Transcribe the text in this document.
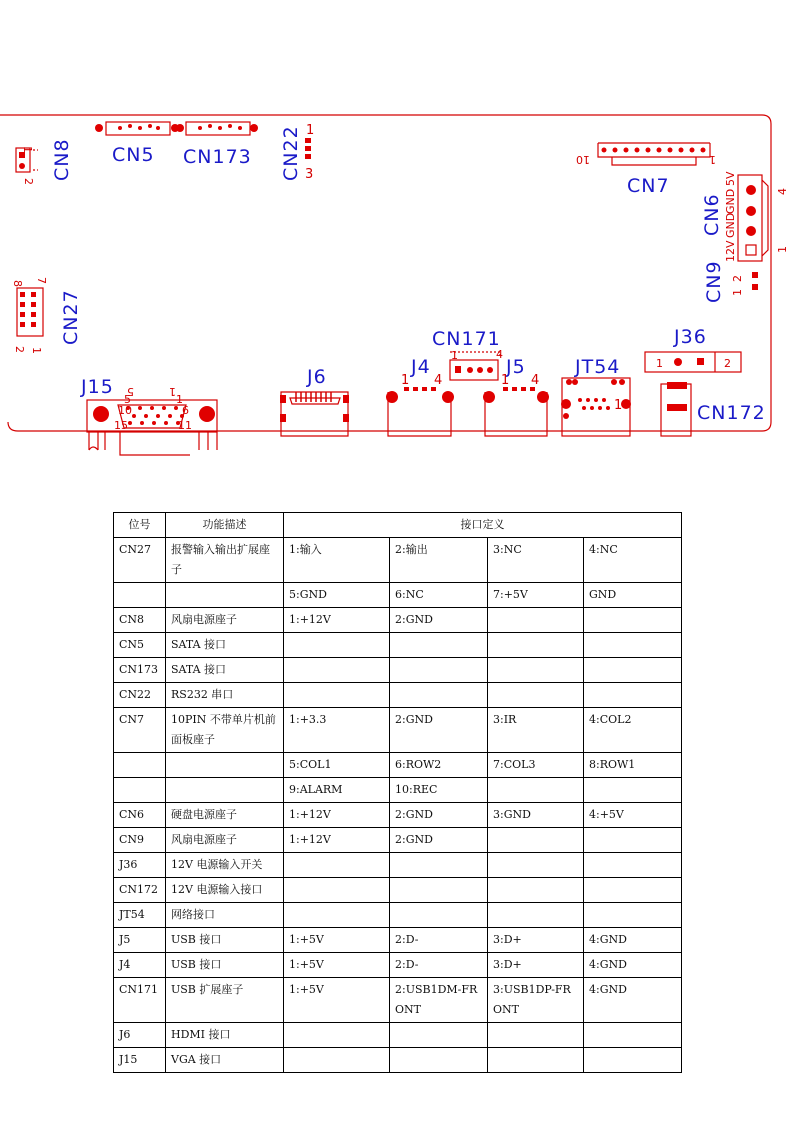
1
2
CN8 CN5 CN173
1
3
CN22	10	1
CN7	4
1
5V
GND
GND
12V
CN6
1
2
CN9
8 7
2 1
CN27	CN171
1	4
J36
1	2
CN172
J15 5	1
5	1
6
10
15	11
J6	J4
1 4
J5
1 4
JT54
1
位号	功能描述	接口定义			
CN27	报警输入输出扩展座子	1:输入	2:输出	3:NC	4:NC
		5:GND	6:NC	7:+5V	GND
CN8	风扇电源座子	1:+12V	2:GND		
CN5	SATA 接口				
CN173	SATA 接口				
CN22	RS232 串口				
CN7	10PIN 不带单片机前面板座子	1:+3.3	2:GND	3:IR	4:COL2
		5:COL1	6:ROW2	7:COL3	8:ROW1
		9:ALARM	10:REC		
CN6	硬盘电源座子	1:+12V	2:GND	3:GND	4:+5V
CN9	风扇电源座子	1:+12V	2:GND		
J36	12V 电源输入开关				
CN172	12V 电源输入接口				
JT54	网络接口				
J5	USB 接口	1:+5V	2:D-	3:D+	4:GND
J4	USB 接口	1:+5V	2:D-	3:D+	4:GND
CN171	USB 扩展座子	1:+5V	2:USB1DM-FRONT	3:USB1DP-FRONT	4:GND
J6	HDMI 接口				
J15	VGA 接口				
